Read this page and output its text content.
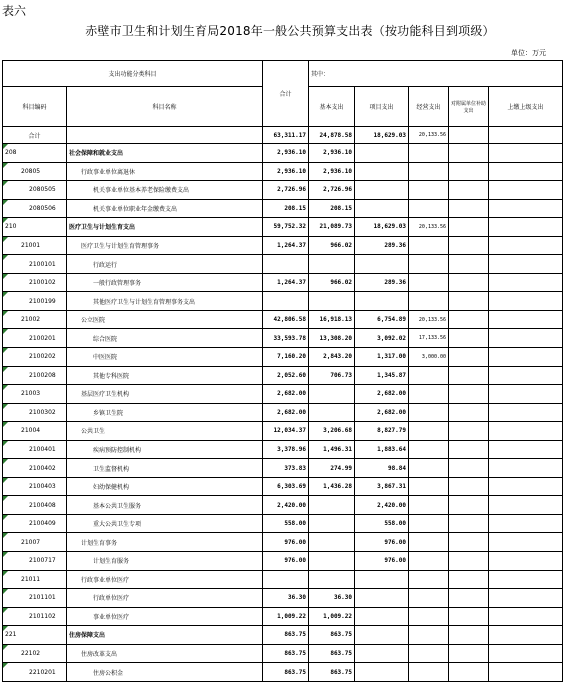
表六
赤壁市卫生和计划生育局2018年一般公共预算支出表（按功能科目到项级）
单位：万元
支出功能分类科目		合计	其中：				
科目编码	科目名称		基本支出	项目支出	经营支出	对附属单位补助支出	上缴上级支出
合计		63,311.17	24,878.58	18,629.03	20,133.56		
208	社会保障和就业支出	2,936.10	2,936.10				
20805	行政事业单位离退休	2,936.10	2,936.10				
2080505	机关事业单位基本养老保险缴费支出	2,726.96	2,726.96				
2080506	机关事业单位职业年金缴费支出	208.15	208.15				
210	医疗卫生与计划生育支出	59,752.32	21,089.73	18,629.03	20,133.56		
21001	医疗卫生与计划生育管理事务	1,264.37	966.02	289.36			
2100101	行政运行						
2100102	一般行政管理事务	1,264.37	966.02	289.36			
2100199	其他医疗卫生与计划生育管理事务支出						
21002	公立医院	42,806.58	16,918.13	6,754.89	20,133.56		
2100201	综合医院	33,593.78	13,308.20	3,092.02	17,133.56		
2100202	中医医院	7,160.20	2,843.20	1,317.00	3,000.00		
2100208	其他专科医院	2,052.60	706.73	1,345.87			
21003	基层医疗卫生机构	2,682.00		2,682.00			
2100302	乡镇卫生院	2,682.00		2,682.00			
21004	公共卫生	12,034.37	3,206.68	8,827.79			
2100401	疾病预防控制机构	3,378.96	1,496.31	1,883.64			
2100402	卫生监督机构	373.83	274.99	98.84			
2100403	妇幼保健机构	6,303.69	1,436.28	3,867.31			
2100408	基本公共卫生服务	2,420.00		2,420.00			
2100409	重大公共卫生专项	558.00		558.00			
21007	计划生育事务	976.00		976.00			
2100717	计划生育服务	976.00		976.00			
21011	行政事业单位医疗						
2101101	行政单位医疗	36.30	36.30				
2101102	事业单位医疗	1,009.22	1,009.22				
221	住房保障支出	863.75	863.75				
22102	住房改革支出	863.75	863.75				
2210201	住房公积金	863.75	863.75				
